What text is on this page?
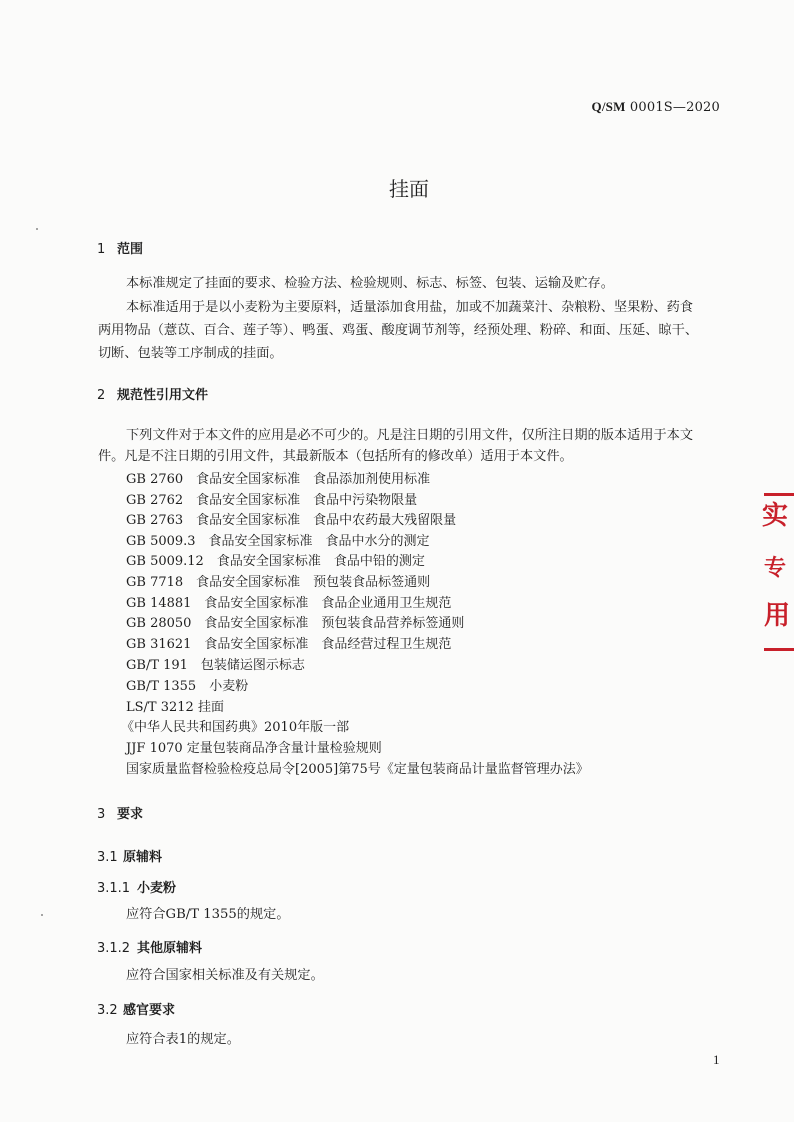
Q/SM 0001S—2020
挂面
1 范围
本标准规定了挂面的要求、检验方法、检验规则、标志、标签、包装、运输及贮存。
本标准适用于是以小麦粉为主要原料，适量添加食用盐，加或不加蔬菜汁、杂粮粉、坚果粉、药食
两用物品（薏苡、百合、莲子等）、鸭蛋、鸡蛋、酸度调节剂等，经预处理、粉碎、和面、压延、晾干、
切断、包装等工序制成的挂面。
2 规范性引用文件
下列文件对于本文件的应用是必不可少的。凡是注日期的引用文件，仅所注日期的版本适用于本文
件。凡是不注日期的引用文件，其最新版本（包括所有的修改单）适用于本文件。
GB 2760　食品安全国家标准　食品添加剂使用标准
GB 2762　食品安全国家标准　食品中污染物限量
GB 2763　食品安全国家标准　食品中农药最大残留限量
GB 5009.3　食品安全国家标准　食品中水分的测定
GB 5009.12　食品安全国家标准　食品中铅的测定
GB 7718　食品安全国家标准　预包装食品标签通则
GB 14881　食品安全国家标准　食品企业通用卫生规范
GB 28050　食品安全国家标准　预包装食品营养标签通则
GB 31621　食品安全国家标准　食品经营过程卫生规范
GB/T 191　包装储运图示标志
GB/T 1355　小麦粉
LS/T 3212 挂面
《中华人民共和国药典》2010年版一部
JJF 1070 定量包装商品净含量计量检验规则
国家质量监督检验检疫总局令[2005]第75号《定量包装商品计量监督管理办法》
3 要求
3.1 原辅料
3.1.1 小麦粉
应符合GB/T 1355的规定。
3.1.2 其他原辅料
应符合国家相关标准及有关规定。
3.2 感官要求
应符合表1的规定。
1
实
专
用
